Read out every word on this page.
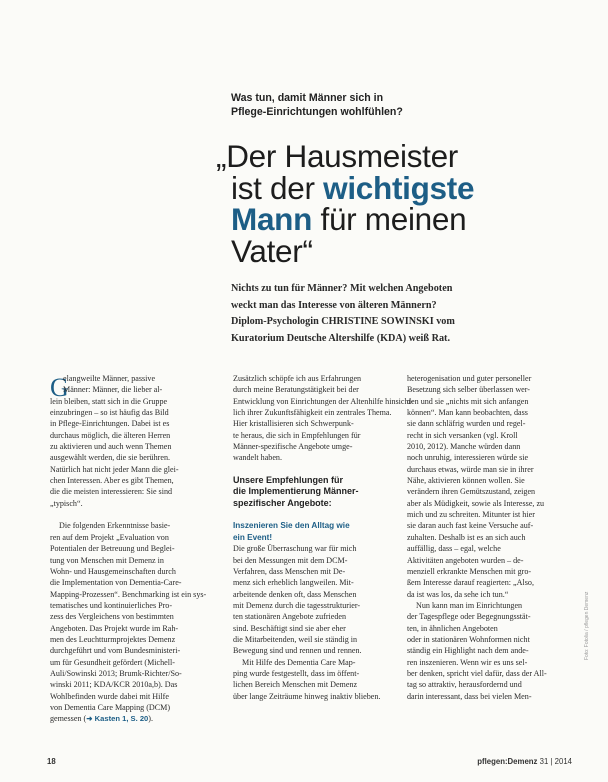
Was tun, damit Männer sich in
Pflege-Einrichtungen wohlfühlen?
„Der Hausmeister
ist der wichtigste
Mann für meinen
Vater“
Nichts zu tun für Männer? Mit welchen Angeboten
weckt man das Interesse von älteren Männern?
Diplom-Psychologin CHRISTINE SOWINSKI vom
Kuratorium Deutsche Altershilfe (KDA) weiß Rat.
G
elangweilte Männer, passive
Männer: Männer, die lieber al-
lein bleiben, statt sich in die Gruppe
einzubringen – so ist häufig das Bild
in Pflege-Einrichtungen. Dabei ist es
durchaus möglich, die älteren Herren
zu aktivieren und auch wenn Themen
ausgewählt werden, die sie berühren.
Natürlich hat nicht jeder Mann die glei-
chen Interessen. Aber es gibt Themen,
die die meisten interessieren: Sie sind
„typisch“.
Die folgenden Erkenntnisse basie-
ren auf dem Projekt „Evaluation von
Potentialen der Betreuung und Beglei-
tung von Menschen mit Demenz in
Wohn- und Hausgemeinschaften durch
die Implementation von Dementia-Care-
Mapping-Prozessen“. Benchmarking ist ein sys-
tematisches und kontinuierliches Pro-
zess des Vergleichens von bestimmten
Angeboten. Das Projekt wurde im Rah-
men des Leuchtturmprojektes Demenz
durchgeführt und vom Bundesministeri-
um für Gesundheit gefördert (Michell-
Auli/Sowinski 2013; Brumk-Richter/So-
winski 2011; KDA/KCR 2010a,b). Das
Wohlbefinden wurde dabei mit Hilfe
von Dementia Care Mapping (DCM)
gemessen (➜ Kasten 1, S. 20).
Zusätzlich schöpfe ich aus Erfahrungen
durch meine Beratungstätigkeit bei der
Entwicklung von Einrichtungen der Altenhilfe hinsicht-
lich ihrer Zukunftsfähigkeit ein zentrales Thema.
Hier kristallisieren sich Schwerpunk-
te heraus, die sich in Empfehlungen für
Männer-spezifische Angebote umge-
wandelt haben.
Unsere Empfehlungen für
die Implementierung Männer-
spezifischer Angebote:
Inszenieren Sie den Alltag wie
ein Event!
Die große Überraschung war für mich
bei den Messungen mit dem DCM-
Verfahren, dass Menschen mit De-
menz sich erheblich langweilen. Mit-
arbeitende denken oft, dass Menschen
mit Demenz durch die tagesstrukturier-
ten stationären Angebote zufrieden
sind. Beschäftigt sind sie aber eher
die Mitarbeitenden, weil sie ständig in
Bewegung sind und rennen und rennen.
Mit Hilfe des Dementia Care Map-
ping wurde festgestellt, dass im öffent-
lichen Bereich Menschen mit Demenz
über lange Zeiträume hinweg inaktiv blieben.
heterogenisation und guter personeller
Besetzung sich selber überlassen wer-
den und sie „nichts mit sich anfangen
können“. Man kann beobachten, dass
sie dann schläfrig wurden und regel-
recht in sich versanken (vgl. Kroll
2010, 2012). Manche würden dann
noch unruhig, interessieren würde sie
durchaus etwas, würde man sie in ihrer
Nähe, aktivieren können wollen. Sie
verändern ihren Gemütszustand, zeigen
aber als Müdigkeit, sowie als Interesse, zu
mich und zu schreiten. Mitunter ist hier
sie daran auch fast keine Versuche auf-
zuhalten. Deshalb ist es an sich auch
auffällig, dass – egal, welche
Aktivitäten angeboten wurden – de-
menziell erkrankte Menschen mit gro-
ßem Interesse darauf reagierten: „Also,
da ist was los, da sehe ich tun.“
Nun kann man im Einrichtungen
der Tagespflege oder Begegnungsstät-
ten, in ähnlichen Angeboten
oder in stationären Wohnformen nicht
ständig ein Highlight nach dem ande-
ren inszenieren. Wenn wir es uns sel-
ber denken, spricht viel dafür, dass der All-
tag so attraktiv, herausfordernd und
darin interessant, dass bei vielen Men-
Foto: Fotolia / pflegen Demenz
18	pflegen:Demenz 31 | 2014
